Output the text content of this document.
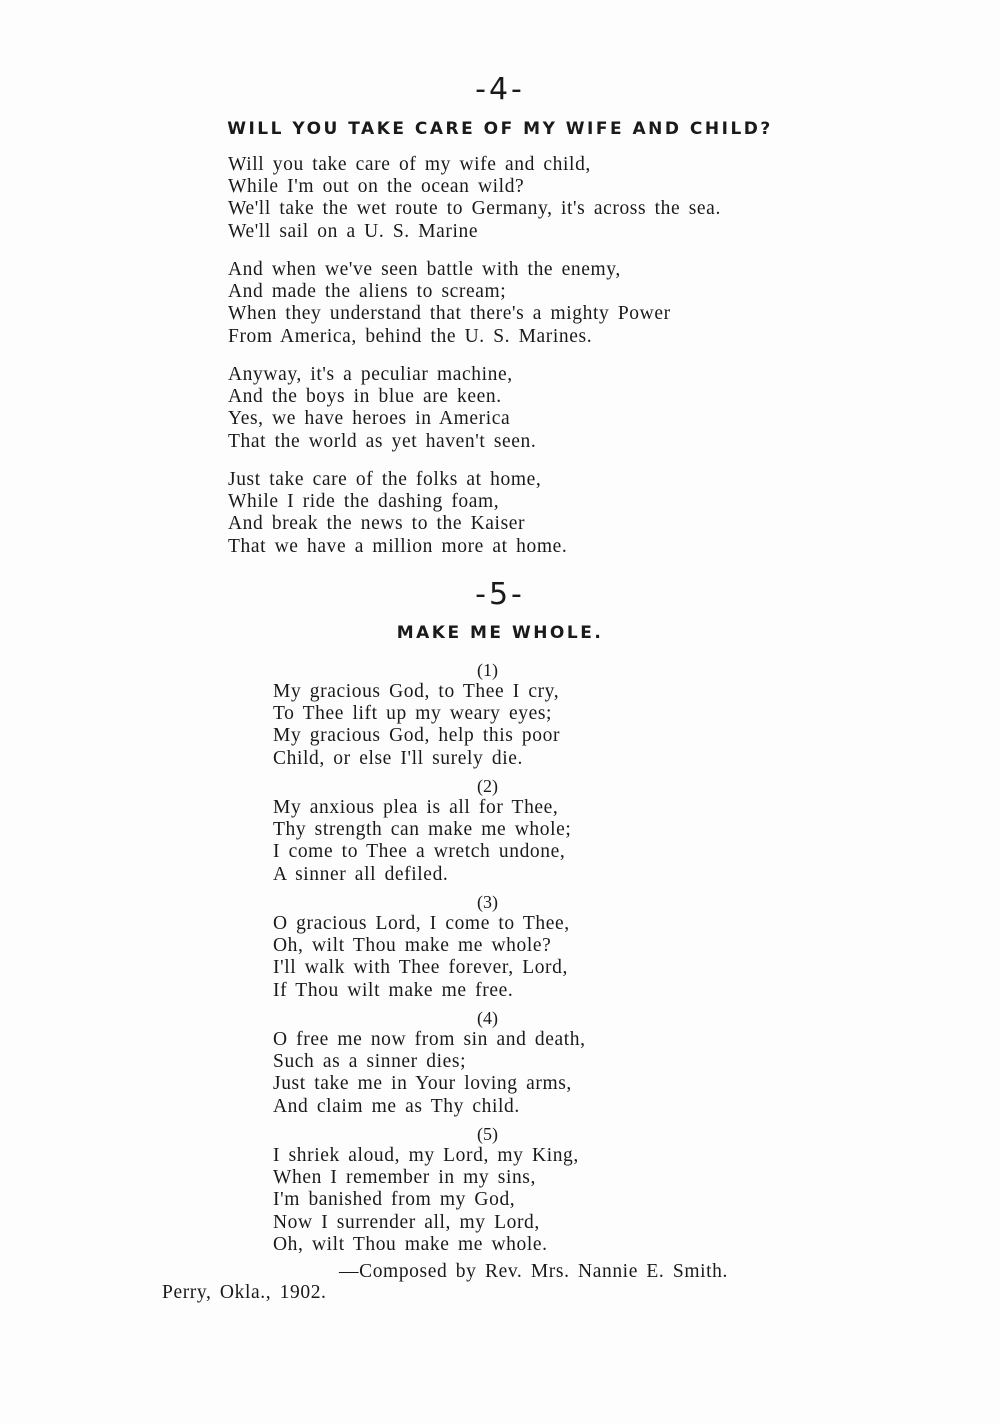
-4-
WILL YOU TAKE CARE OF MY WIFE AND CHILD?
Will you take care of my wife and child,
While I'm out on the ocean wild?
We'll take the wet route to Germany, it's across the sea.
We'll sail on a U. S. Marine
And when we've seen battle with the enemy,
And made the aliens to scream;
When they understand that there's a mighty Power
From America, behind the U. S. Marines.
Anyway, it's a peculiar machine,
And the boys in blue are keen.
Yes, we have heroes in America
That the world as yet haven't seen.
Just take care of the folks at home,
While I ride the dashing foam,
And break the news to the Kaiser
That we have a million more at home.
-5-
MAKE ME WHOLE.
(1)
My gracious God, to Thee I cry,
To Thee lift up my weary eyes;
My gracious God, help this poor
Child, or else I'll surely die.
(2)
My anxious plea is all for Thee,
Thy strength can make me whole;
I come to Thee a wretch undone,
A sinner all defiled.
(3)
O gracious Lord, I come to Thee,
Oh, wilt Thou make me whole?
I'll walk with Thee forever, Lord,
If Thou wilt make me free.
(4)
O free me now from sin and death,
Such as a sinner dies;
Just take me in Your loving arms,
And claim me as Thy child.
(5)
I shriek aloud, my Lord, my King,
When I remember in my sins,
I'm banished from my God,
Now I surrender all, my Lord,
Oh, wilt Thou make me whole.
—Composed by Rev. Mrs. Nannie E. Smith.
Perry, Okla., 1902.
